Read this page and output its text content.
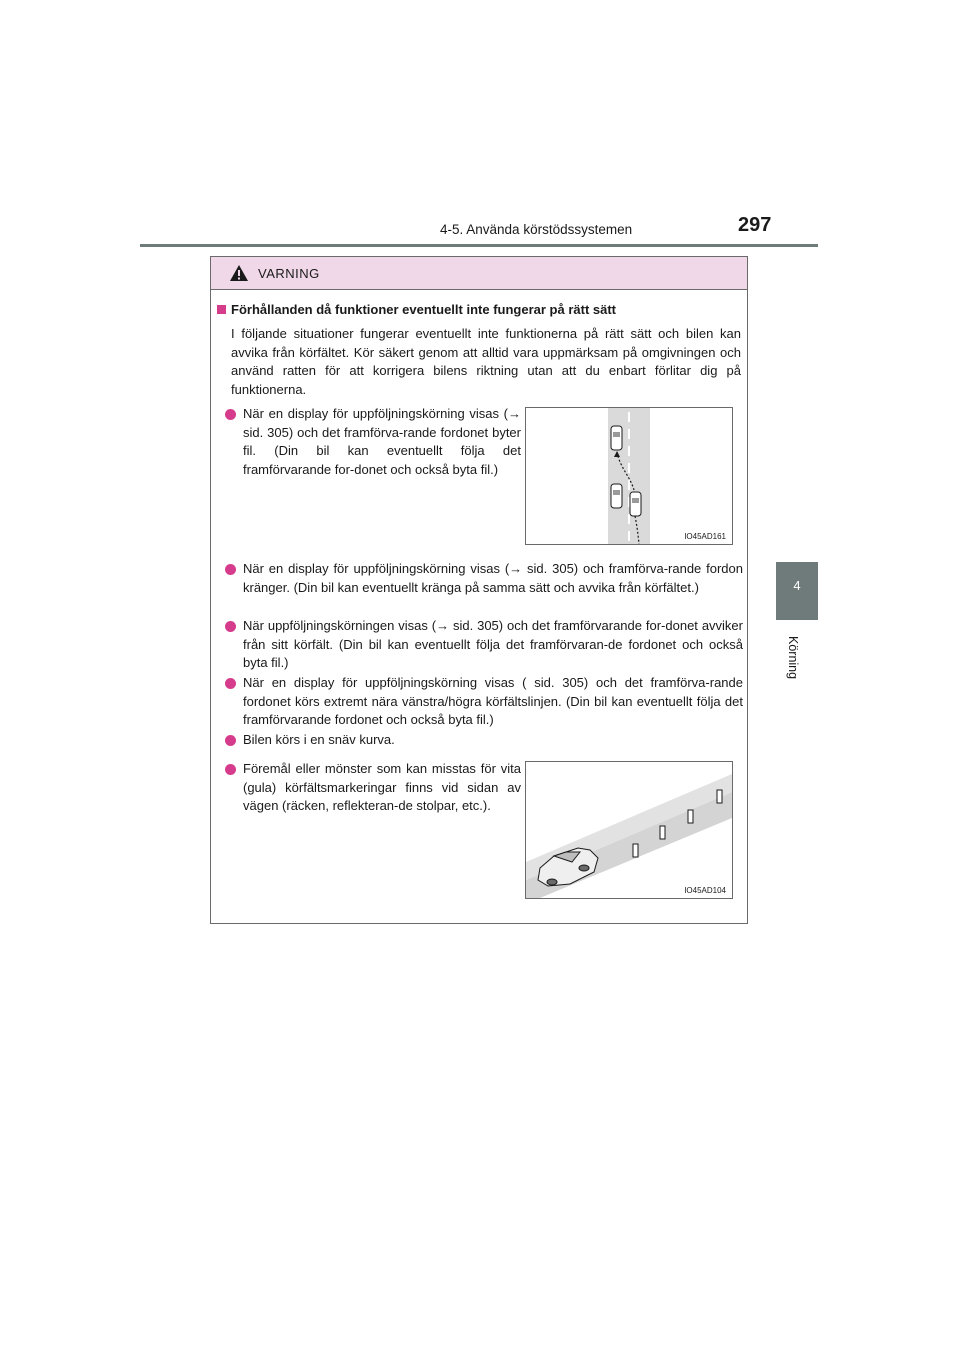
4-5. Använda körstödssystemen	297
4
Körning
VARNING
Förhållanden då funktioner eventuellt inte fungerar på rätt sätt

I följande situationer fungerar eventuellt inte funktionerna på rätt sätt och bilen kan avvika från körfältet. Kör säkert genom att alltid vara uppmärksam på omgivningen och använd ratten för att korrigera bilens riktning utan att du enbart förlitar dig på funktionerna.

När en display för uppföljningskörning visas (→ sid. 305) och det framförva-rande fordonet byter fil. (Din bil kan eventuellt följa det framförvarande for-donet och också byta fil.)
IO45AD161
När en display för uppföljningskörning visas (→ sid. 305) och framförva-rande fordon kränger. (Din bil kan eventuellt kränga på samma sätt och avvika från körfältet.)
När uppföljningskörningen visas (→ sid. 305) och det framförvarande for-donet avviker från sitt körfält. (Din bil kan eventuellt följa det framförvaran-de fordonet och också byta fil.)
När en display för uppföljningskörning visas ( sid. 305) och det framförva-rande fordonet körs extremt nära vänstra/högra körfältslinjen. (Din bil kan eventuellt följa det framförvarande fordonet och också byta fil.)
Bilen körs i en snäv kurva.
Föremål eller mönster som kan misstas för vita (gula) körfältsmarkeringar finns vid sidan av vägen (räcken, reflekteran-de stolpar, etc.).
IO45AD104
